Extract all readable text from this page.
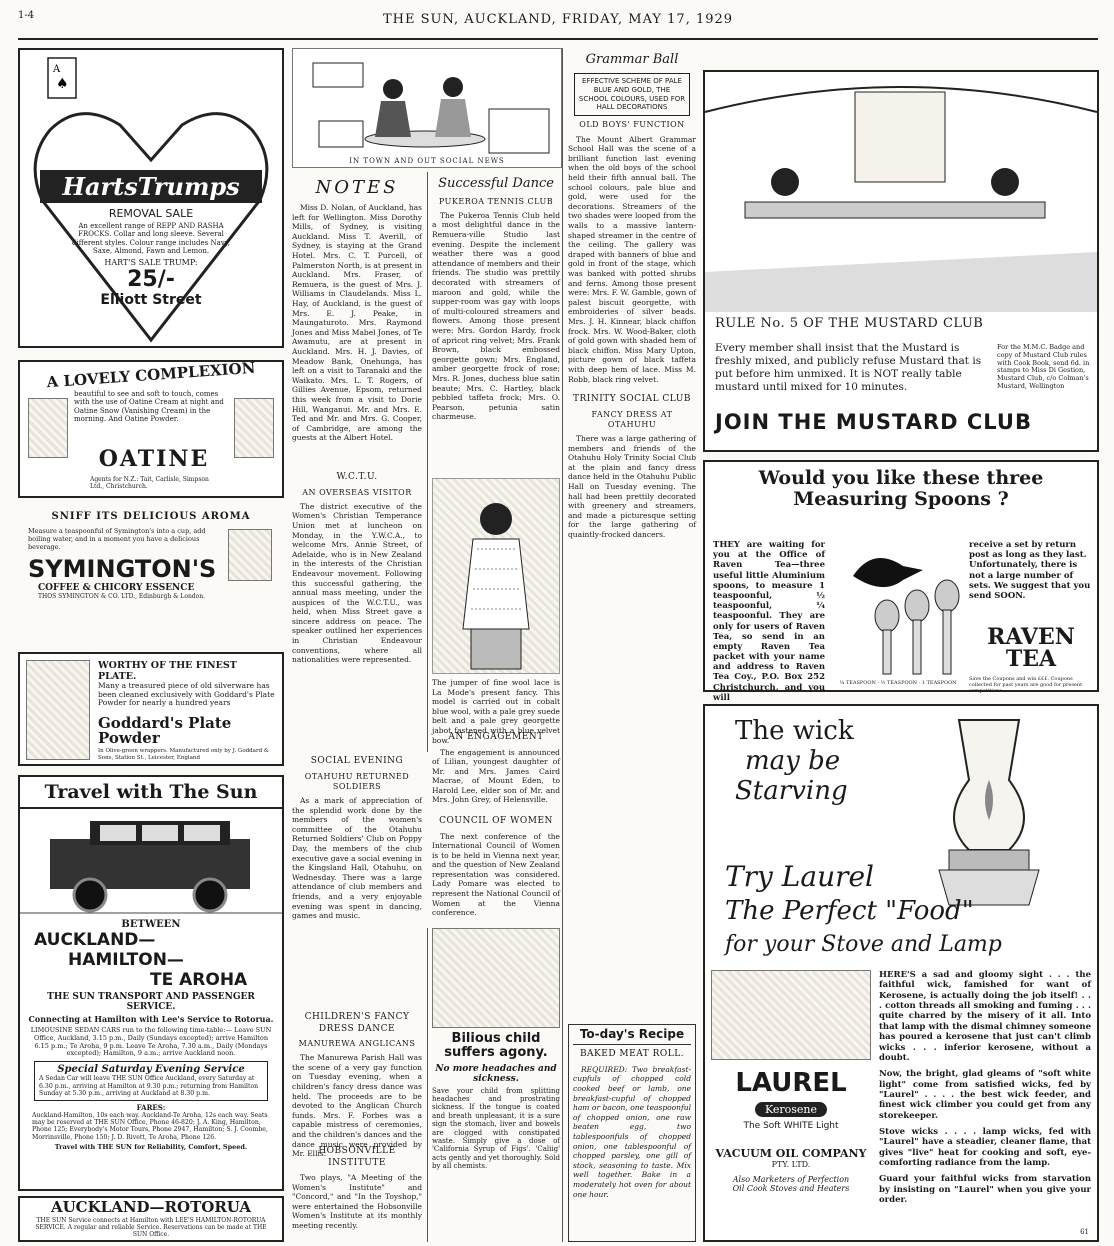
1-4	THE SUN, AUCKLAND, FRIDAY, MAY 17, 1929
A
♠
HartsTrumps
REMOVAL SALE
An excellent range of REPP AND RASHA FROCKS. Collar and long sleeve. Several different styles. Colour range includes Navy, Saxe, Almond, Fawn and Lemon.
HART'S SALE TRUMP:
25/-
Elliott Street
A LOVELY COMPLEXION
beautiful to see and soft to touch, comes with the use of Oatine Cream at night and Oatine Snow (Vanishing Cream) in the morning. And Oatine Powder.
OATINE
Agents for N.Z.: Tait, Carlisle, Simpson Ltd., Christchurch.
SNIFF ITS DELICIOUS AROMA
Measure a teaspoonful of Symington's into a cup, add boiling water, and in a moment you have a delicious beverage.
SYMINGTON'S
COFFEE & CHICORY ESSENCE
THOS SYMINGTON & CO. LTD., Edinburgh & London.
WORTHY OF THE FINEST PLATE.
Many a treasured piece of old silverware has been cleaned exclusively with Goddard's Plate Powder for nearly a hundred years
Goddard's Plate Powder
In Olive-green wrappers. Manufactured only by J. Goddard & Sons, Station St., Leicester, England
Travel with The Sun
BETWEEN
AUCKLAND—
HAMILTON—
TE AROHA
THE SUN TRANSPORT AND PASSENGER SERVICE.
Connecting at Hamilton with Lee's Service to Rotorua.
LIMOUSINE SEDAN CARS run to the following time-table:— Leave SUN Office, Auckland, 3.15 p.m., Daily (Sundays excepted); arrive Hamilton 6.15 p.m.; Te Aroha, 9 p.m. Leave Te Aroha, 7.30 a.m., Daily (Mondays excepted); Hamilton, 9 a.m.; arrive Auckland noon.
Special Saturday Evening Service
A Sedan Car will leave THE SUN Office Auckland, every Saturday at 6.30 p.m., arriving at Hamilton at 9.30 p.m.; returning from Hamilton Sunday at 5.30 p.m., arriving at Auckland at 8.30 p.m.
FARES:
Auckland-Hamilton, 10s each way. Auckland-Te Aroha, 12s each way. Seats may be reserved at THE SUN Office, Phone 46-820; J. A. King, Hamilton, Phone 125; Everybody's Motor Tours, Phone 2947, Hamilton; S. J. Coombe, Morrinsville, Phone 150; J. D. Rivett, Te Aroha, Phone 126.
Travel with THE SUN for Reliability, Comfort, Speed.
AUCKLAND—ROTORUA
THE SUN Service connects at Hamilton with LEE'S HAMILTON-ROTORUA SERVICE. A regular and reliable Service. Reservations can be made at THE SUN Office.
IN TOWN AND OUT SOCIAL NEWS
NOTES

Miss D. Nolan, of Auckland, has left for Wellington. Miss Dorothy Mills, of Sydney, is visiting Auckland. Miss T. Averill, of Sydney, is staying at the Grand Hotel. Mrs. C. T. Purcell, of Palmerston North, is at present in Auckland. Mrs. Fraser, of Remuera, is the guest of Mrs. J. Williams in Claudelands. Miss L. Hay, of Auckland, is the guest of Mrs. E. J. Peake, in Maungaturoto. Mrs. Raymond Jones and Miss Mabel Jones, of Te Awamutu, are at present in Auckland. Mrs. H. J. Davies, of Meadow Bank, Onehunga, has left on a visit to Taranaki and the Waikato. Mrs. L. T. Rogers, of Gillies Avenue, Epsom, returned this week from a visit to Dorie Hill, Wanganui. Mr. and Mrs. E. Ted and Mr. and Mrs. G. Cooper, of Cambridge, are among the guests at the Albert Hotel.

Successful Dance
PUKEROA TENNIS CLUB

The Pukeroa Tennis Club held a most delightful dance in the Remuera-ville Studio last evening. Despite the inclement weather there was a good attendance of members and their friends. The studio was prettily decorated with streamers of maroon and gold, while the supper-room was gay with loops of multi-coloured streamers and flowers. Among those present were: Mrs. Gordon Hardy, frock of apricot ring velvet; Mrs. Frank Brown, black embossed georgette gown; Mrs. England, amber georgette frock of rose; Mrs. R. Jones, duchess blue satin beaute; Mrs. C. Hartley, black pebbled taffeta frock; Mrs. O. Pearson, petunia satin charmeuse.

W.C.T.U.
AN OVERSEAS VISITOR

The district executive of the Women's Christian Temperance Union met at luncheon on Monday, in the Y.W.C.A., to welcome Mrs. Annie Street, of Adelaide, who is in New Zealand in the interests of the Christian Endeavour movement. Following this successful gathering, the annual mass meeting, under the auspices of the W.C.T.U., was held, when Miss Street gave a sincere address on peace. The speaker outlined her experiences in Christian Endeavour conventions, where all nationalities were represented.

The jumper of fine wool lace is La Mode's present fancy. This model is carried out in cobalt blue wool, with a pale grey suede belt and a pale grey georgette jabot fastened with a blue velvet bow. AN ENGAGEMENT

The engagement is announced of Lilian, youngest daughter of Mr. and Mrs. James Caird Macrae, of Mount Eden, to Harold Lee, elder son of Mr. and Mrs. John Grey, of Helensville.

COUNCIL OF WOMEN

The next conference of the International Council of Women is to be held in Vienna next year, and the question of New Zealand representation was considered. Lady Pomare was elected to represent the National Council of Women at the Vienna conference.

SOCIAL EVENING
OTAHUHU RETURNED SOLDIERS

As a mark of appreciation of the splendid work done by the members of the women's committee of the Otahuhu Returned Soldiers' Club on Poppy Day, the members of the club executive gave a social evening in the Kingsland Hall, Otahuhu, on Wednesday. There was a large attendance of club members and friends, and a very enjoyable evening was spent in dancing, games and music.

CHILDREN'S FANCY DRESS DANCE
MANUREWA ANGLICANS

The Manurewa Parish Hall was the scene of a very gay function on Tuesday evening, when a children's fancy dress dance was held. The proceeds are to be devoted to the Anglican Church funds. Mrs. F. Forbes was a capable mistress of ceremonies, and the children's dances and the dance music were provided by Mr. Ellis.

HOBSONVILLE INSTITUTE

Two plays, "A Meeting of the Women's Institute" and "Concord," and "In the Toyshop," were entertained the Hobsonville Women's Institute at its monthly meeting recently.

Bilious child suffers agony.
No more headaches and sickness.
Save your child from splitting headaches and prostrating sickness. If the tongue is coated and breath unpleasant, it is a sure sign the stomach, liver and bowels are clogged with constipated waste. Simply give a dose of 'California Syrup of Figs'. 'Caliig' acts gently and yet thoroughly. Sold by all chemists.
Grammar Ball
EFFECTIVE SCHEME OF PALE BLUE AND GOLD, THE SCHOOL COLOURS, USED FOR HALL DECORATIONS
OLD BOYS' FUNCTION

The Mount Albert Grammar School Hall was the scene of a brilliant function last evening when the old boys of the school held their fifth annual ball. The school colours, pale blue and gold, were used for the decorations. Streamers of the two shades were looped from the walls to a massive lantern-shaped streamer in the centre of the ceiling. The gallery was draped with banners of blue and gold in front of the stage, which was banked with potted shrubs and ferns. Among those present were: Mrs. F. W. Gamble, gown of palest biscuit georgette, with embroideries of silver beads. Mrs. J. H. Kinnear, black chiffon frock. Mrs. W. Wood-Baker, cloth of gold gown with shaded hem of black chiffon. Miss Mary Upton, picture gown of black taffeta with deep hem of lace. Miss M. Robb, black ring velvet.

TRINITY SOCIAL CLUB
FANCY DRESS AT OTAHUHU

There was a large gathering of members and friends of the Otahuhu Holy Trinity Social Club at the plain and fancy dress dance held in the Otahuhu Public Hall on Tuesday evening. The hall had been prettily decorated with greenery and streamers, and made a picturesque setting for the large gathering of quaintly-frocked dancers.

To-day's Recipe
BAKED MEAT ROLL.

REQUIRED: Two breakfast-cupfuls of chopped cold cooked beef or lamb, one breakfast-cupful of chopped ham or bacon, one teaspoonful of chopped onion, one raw beaten egg, two tablespoonfuls of chopped onion, one tablespoonful of chopped parsley, one gill of stock, seasoning to taste. Mix well together. Bake in a moderately hot oven for about one hour.

RULE No. 5 OF THE MUSTARD CLUB
Every member shall insist that the Mustard is freshly mixed, and publicly refuse Mustard that is put before him unmixed. It is NOT really table mustard until mixed for 10 minutes.
For the M.M.C. Badge and copy of Mustard Club rules with Cook Book, send 6d. in stamps to Miss Di Gestion, Mustard Club, c/o Colman's Mustard, Wellington
JOIN THE MUSTARD CLUB
Would you like these three Measuring Spoons ?
THEY are waiting for you at the Office of Raven Tea—three useful little Aluminium spoons, to measure 1 teaspoonful, ½ teaspoonful, ¼ teaspoonful. They are only for users of Raven Tea, so send in an empty Raven Tea packet with your name and address to Raven Tea Coy., P.O. Box 252 Christchurch, and you will
¼ TEASPOON · ½ TEASPOON · 1 TEASPOON
receive a set by return post as long as they last. Unfortunately, there is not a large number of sets. We suggest that you send SOON.
RAVEN TEA
Save the Coupons and win £££. Coupons collected for past years are good for present competitions.
The wick
may be
Starving
Try Laurel
The Perfect "Food"
for your Stove and Lamp
LAUREL
Kerosene
The Soft WHITE Light
VACUUM OIL COMPANY
PTY. LTD.
Also Marketers of Perfection Oil Cook Stoves and Heaters

HERE'S a sad and gloomy sight . . . the faithful wick, famished for want of Kerosene, is actually doing the job itself! . . . cotton threads all smoking and fuming . . . quite charred by the misery of it all. Into that lamp with the dismal chimney someone has poured a kerosene that just can't climb wicks . . . inferior kerosene, without a doubt.

Now, the bright, glad gleams of "soft white light" come from satisfied wicks, fed by "Laurel" . . . . the best wick feeder, and finest wick climber you could get from any storekeeper.

Stove wicks . . . . lamp wicks, fed with "Laurel" have a steadier, cleaner flame, that gives "live" heat for cooking and soft, eye-comforting radiance from the lamp.

Guard your faithful wicks from starvation by insisting on "Laurel" when you give your order.

61
